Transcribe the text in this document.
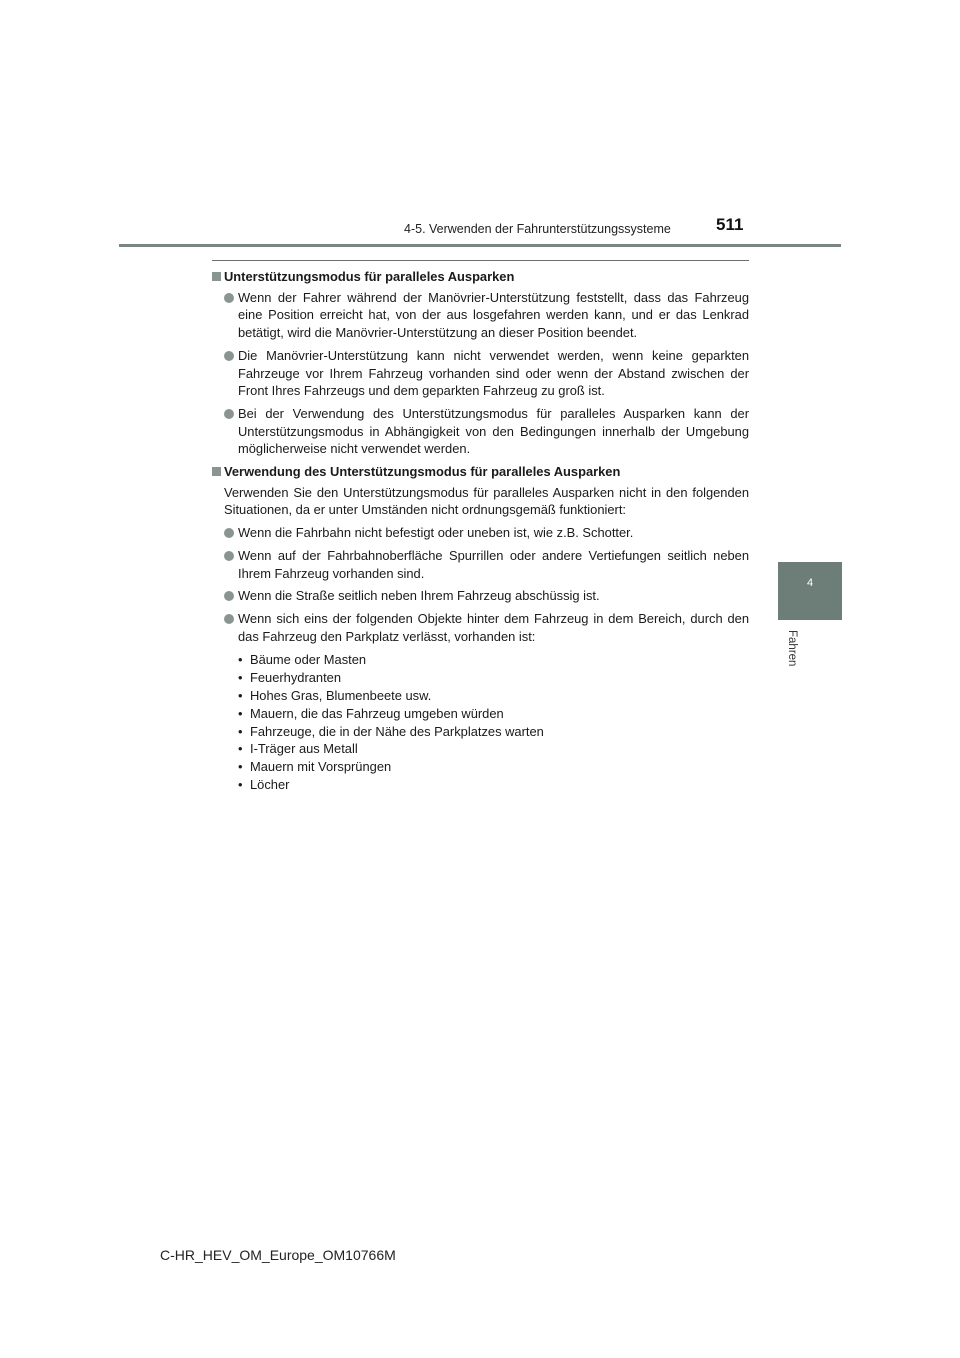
4-5. Verwenden der Fahrunterstützungssysteme	511
4
Fahren
Unterstützungsmodus für paralleles Ausparken
Wenn der Fahrer während der Manövrier-Unterstützung feststellt, dass das Fahrzeug eine Position erreicht hat, von der aus losgefahren werden kann, und er das Lenkrad betätigt, wird die Manövrier-Unterstützung an dieser Position beendet.
Die Manövrier-Unterstützung kann nicht verwendet werden, wenn keine geparkten Fahrzeuge vor Ihrem Fahrzeug vorhanden sind oder wenn der Abstand zwischen der Front Ihres Fahrzeugs und dem geparkten Fahrzeug zu groß ist.
Bei der Verwendung des Unterstützungsmodus für paralleles Ausparken kann der Unterstützungsmodus in Abhängigkeit von den Bedingungen innerhalb der Umgebung möglicherweise nicht verwendet werden.
Verwendung des Unterstützungsmodus für paralleles Ausparken
Verwenden Sie den Unterstützungsmodus für paralleles Ausparken nicht in den folgenden Situationen, da er unter Umständen nicht ordnungsgemäß funktioniert:
Wenn die Fahrbahn nicht befestigt oder uneben ist, wie z.B. Schotter.
Wenn auf der Fahrbahnoberfläche Spurrillen oder andere Vertiefungen seitlich neben Ihrem Fahrzeug vorhanden sind.
Wenn die Straße seitlich neben Ihrem Fahrzeug abschüssig ist.
Wenn sich eins der folgenden Objekte hinter dem Fahrzeug in dem Bereich, durch den das Fahrzeug den Parkplatz verlässt, vorhanden ist:
• Bäume oder Masten
• Feuerhydranten
• Hohes Gras, Blumenbeete usw.
• Mauern, die das Fahrzeug umgeben würden
• Fahrzeuge, die in der Nähe des Parkplatzes warten
• I-Träger aus Metall
• Mauern mit Vorsprüngen
• Löcher
C-HR_HEV_OM_Europe_OM10766M
